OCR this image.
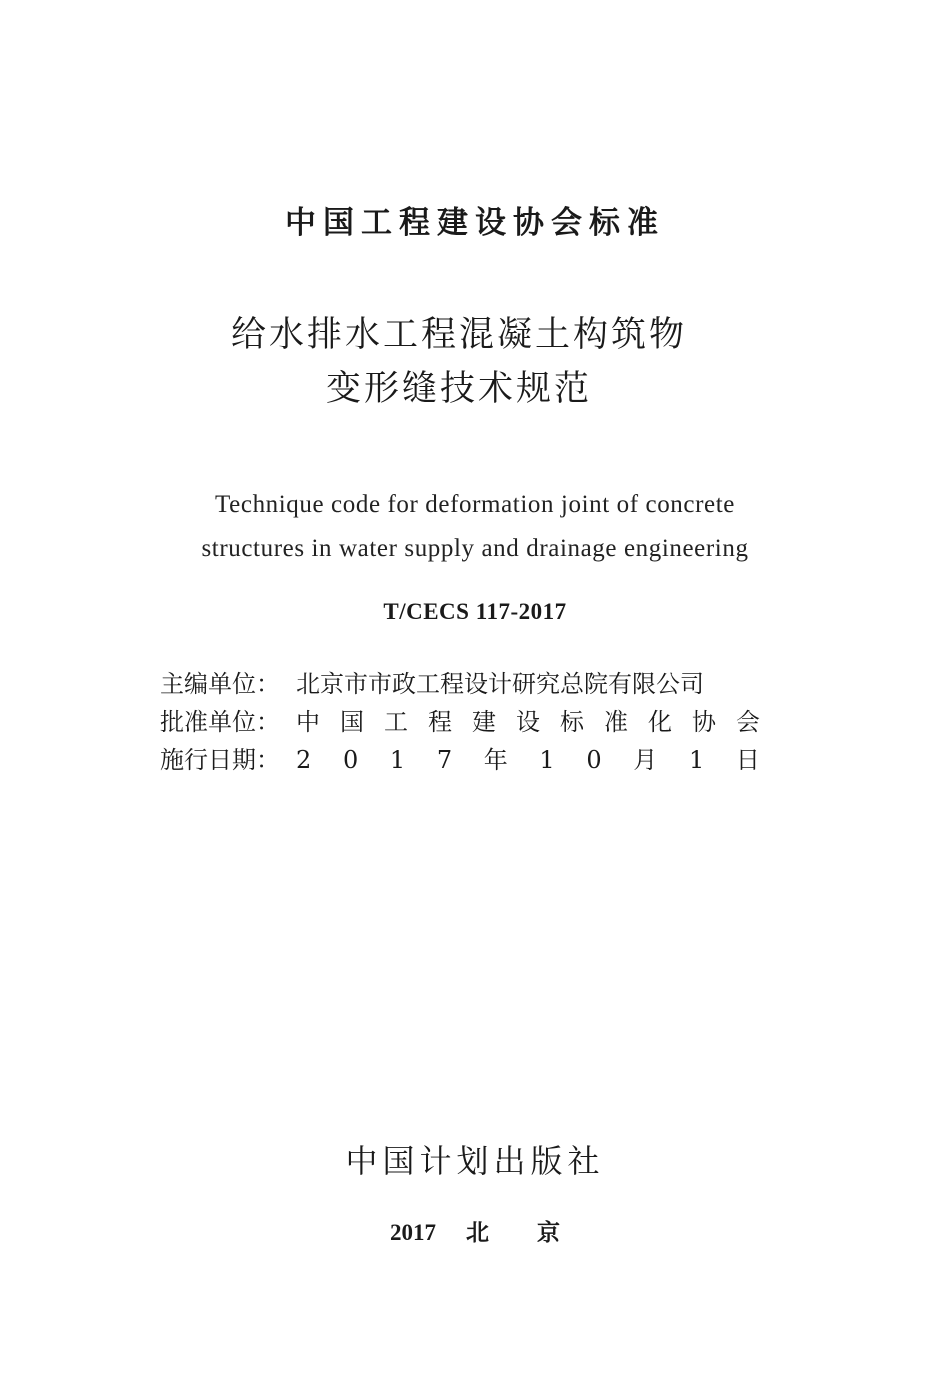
中国工程建设协会标准
给水排水工程混凝土构筑物
变形缝技术规范
Technique code for deformation joint of concrete
structures in water supply and drainage engineering
T/CECS 117-2017
主编单位： 北京市市政工程设计研究总院有限公司
批准单位： 中 国 工 程 建 设 标 准 化 协 会
施行日期： 2 0 1 7 年 1 0 月 1 日
中国计划出版社
2017 北京
